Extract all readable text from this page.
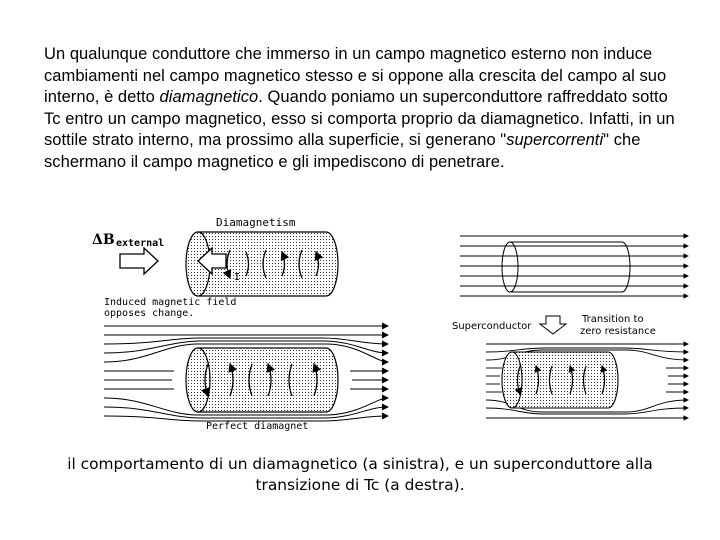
Un qualunque conduttore che immerso in un campo magnetico esterno non induce cambiamenti nel campo magnetico stesso e si oppone alla crescita del campo al suo interno, è detto diamagnetico. Quando poniamo un superconduttore raffreddato sotto Tc entro un campo magnetico, esso si comporta proprio da diamagnetico. Infatti, in un sottile strato interno, ma prossimo alla superficie, si generano "supercorrenti" che schermano il campo magnetico e gli impediscono di penetrare.
Diamagnetism
ΔB external
I
Induced magnetic field
opposes change.
Perfect diamagnet
Superconductor
Transition to
zero resistance
il comportamento di un diamagnetico (a sinistra), e un superconduttore alla
transizione di Tc (a destra).
